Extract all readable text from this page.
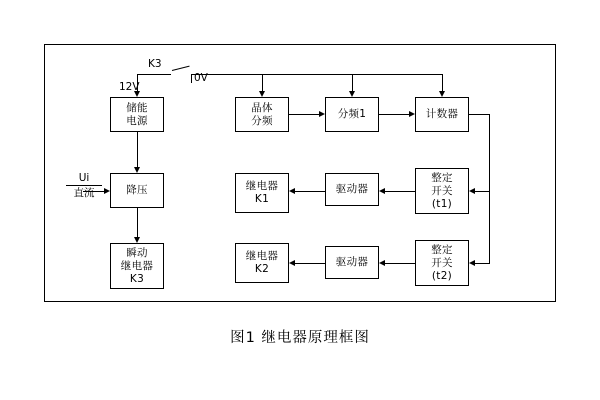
储能
电源
降压
瞬动
继电器
K3
晶体
分频
分频1	计数器
继电器
K1
驱动器
整定
开关
(t1)
继电器
K2
驱动器
整定
开关
(t2)
K3
0V
12V
Ui
直流
图1 继电器原理框图
